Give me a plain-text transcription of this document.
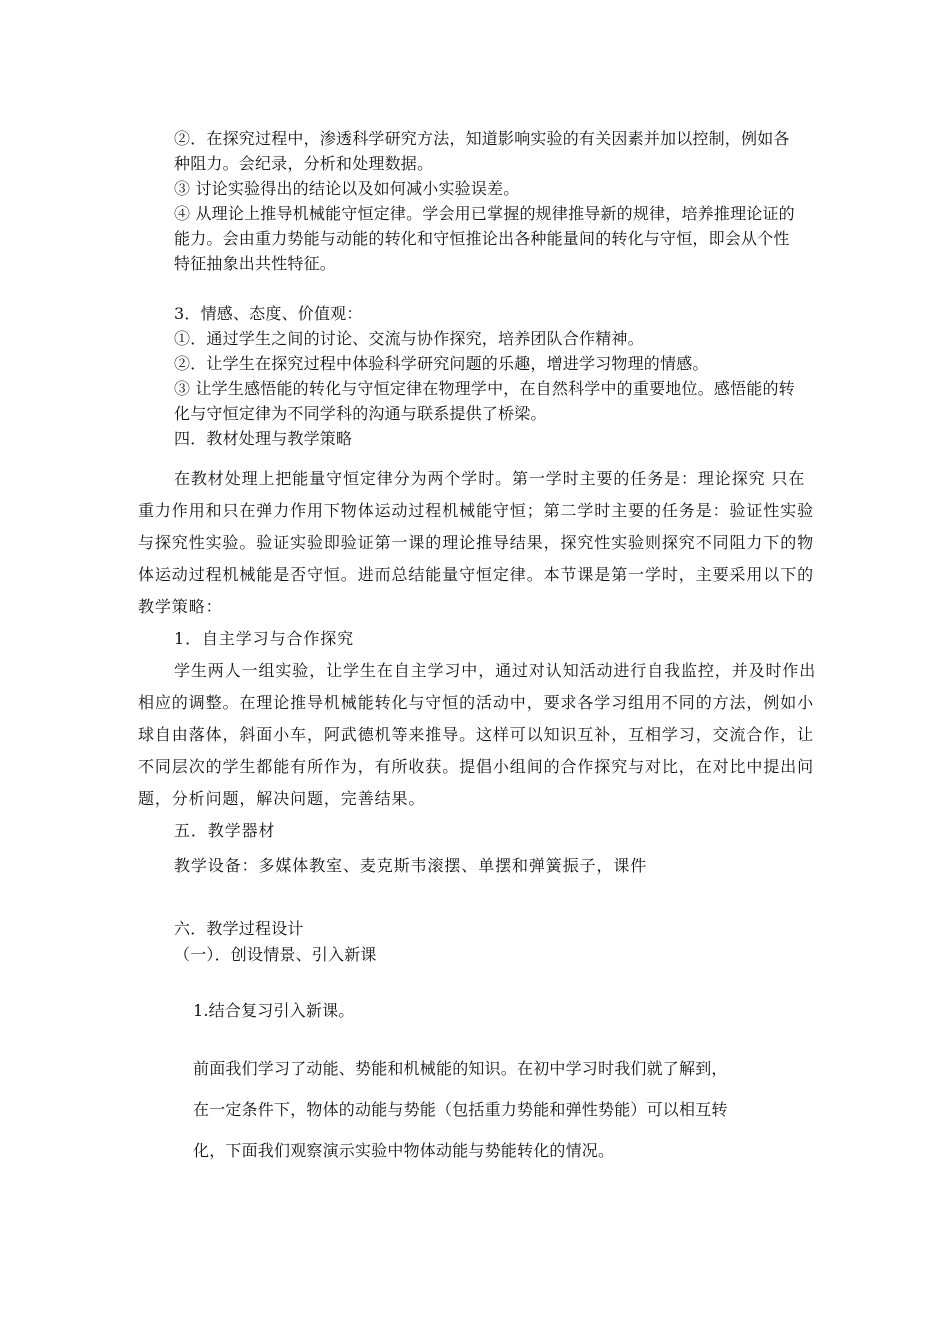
②．在探究过程中，渗透科学研究方法，知道影响实验的有关因素并加以控制，例如各
种阻力。会纪录，分析和处理数据。
③ 讨论实验得出的结论以及如何减小实验误差。
④ 从理论上推导机械能守恒定律。学会用已掌握的规律推导新的规律，培养推理论证的
能力。会由重力势能与动能的转化和守恒推论出各种能量间的转化与守恒，即会从个性
特征抽象出共性特征。
3．情感、态度、价值观：
①．通过学生之间的讨论、交流与协作探究，培养团队合作精神。
②．让学生在探究过程中体验科学研究问题的乐趣，增进学习物理的情感。
③ 让学生感悟能的转化与守恒定律在物理学中，在自然科学中的重要地位。感悟能的转
化与守恒定律为不同学科的沟通与联系提供了桥梁。
四．教材处理与教学策略
在教材处理上把能量守恒定律分为两个学时。第一学时主要的任务是：理论探究 只在
重力作用和只在弹力作用下物体运动过程机械能守恒；第二学时主要的任务是：验证性实验
与探究性实验。验证实验即验证第一课的理论推导结果，探究性实验则探究不同阻力下的物
体运动过程机械能是否守恒。进而总结能量守恒定律。本节课是第一学时，主要采用以下的
教学策略：
1．自主学习与合作探究
学生两人一组实验，让学生在自主学习中，通过对认知活动进行自我监控，并及时作出
相应的调整。在理论推导机械能转化与守恒的活动中，要求各学习组用不同的方法，例如小
球自由落体，斜面小车，阿武德机等来推导。这样可以知识互补，互相学习，交流合作，让
不同层次的学生都能有所作为，有所收获。提倡小组间的合作探究与对比，在对比中提出问
题，分析问题，解决问题，完善结果。
五．教学器材
教学设备：多媒体教室、麦克斯韦滚摆、单摆和弹簧振子，课件
六．教学过程设计
（一）．创设情景、引入新课
1.结合复习引入新课。
前面我们学习了动能、势能和机械能的知识。在初中学习时我们就了解到，
在一定条件下，物体的动能与势能（包括重力势能和弹性势能）可以相互转
化，下面我们观察演示实验中物体动能与势能转化的情况。
